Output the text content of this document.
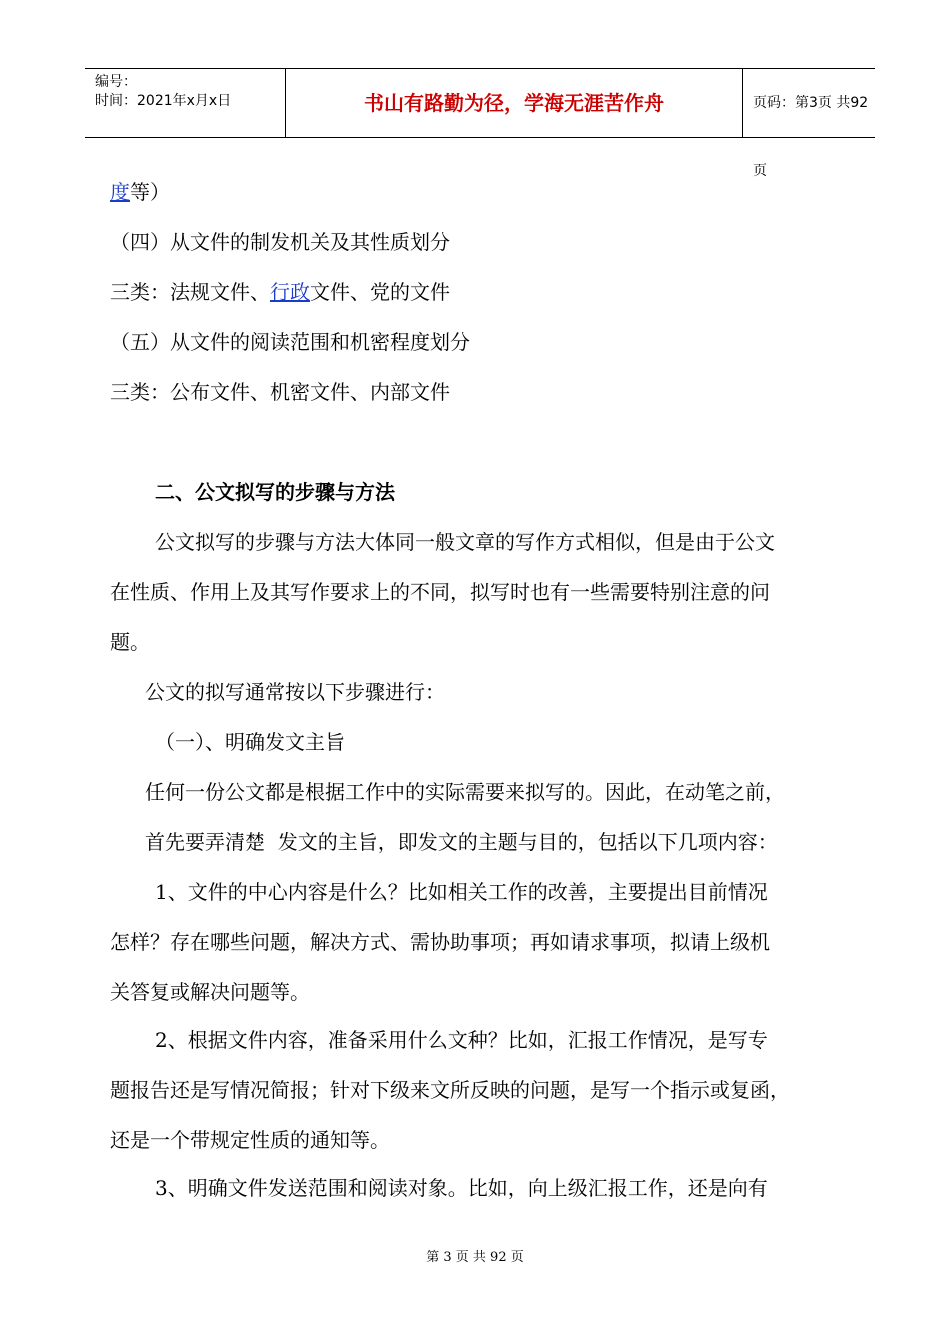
编号：
时间：2021年x月x日	书山有路勤为径，学海无涯苦作舟	页码：第3页 共92页
度等）
（四）从文件的制发机关及其性质划分
三类：法规文件、行政文件、党的文件
（五）从文件的阅读范围和机密程度划分
三类：公布文件、机密文件、内部文件
二、公文拟写的步骤与方法
公文拟写的步骤与方法大体同一般文章的写作方式相似，但是由于公文
在性质、作用上及其写作要求上的不同，拟写时也有一些需要特别注意的问
题。
公文的拟写通常按以下步骤进行：
（一）、明确发文主旨
任何一份公文都是根据工作中的实际需要来拟写的。因此，在动笔之前，
首先要弄清楚  发文的主旨，即发文的主题与目的，包括以下几项内容：
1、文件的中心内容是什么？比如相关工作的改善，主要提出目前情况
怎样？存在哪些问题，解决方式、需协助事项；再如请求事项，拟请上级机
关答复或解决问题等。
2、根据文件内容，准备采用什么文种？比如，汇报工作情况，是写专
题报告还是写情况简报；针对下级来文所反映的问题，是写一个指示或复函，
还是一个带规定性质的通知等。
3、明确文件发送范围和阅读对象。比如，向上级汇报工作，还是向有
第 3 页 共 92 页
